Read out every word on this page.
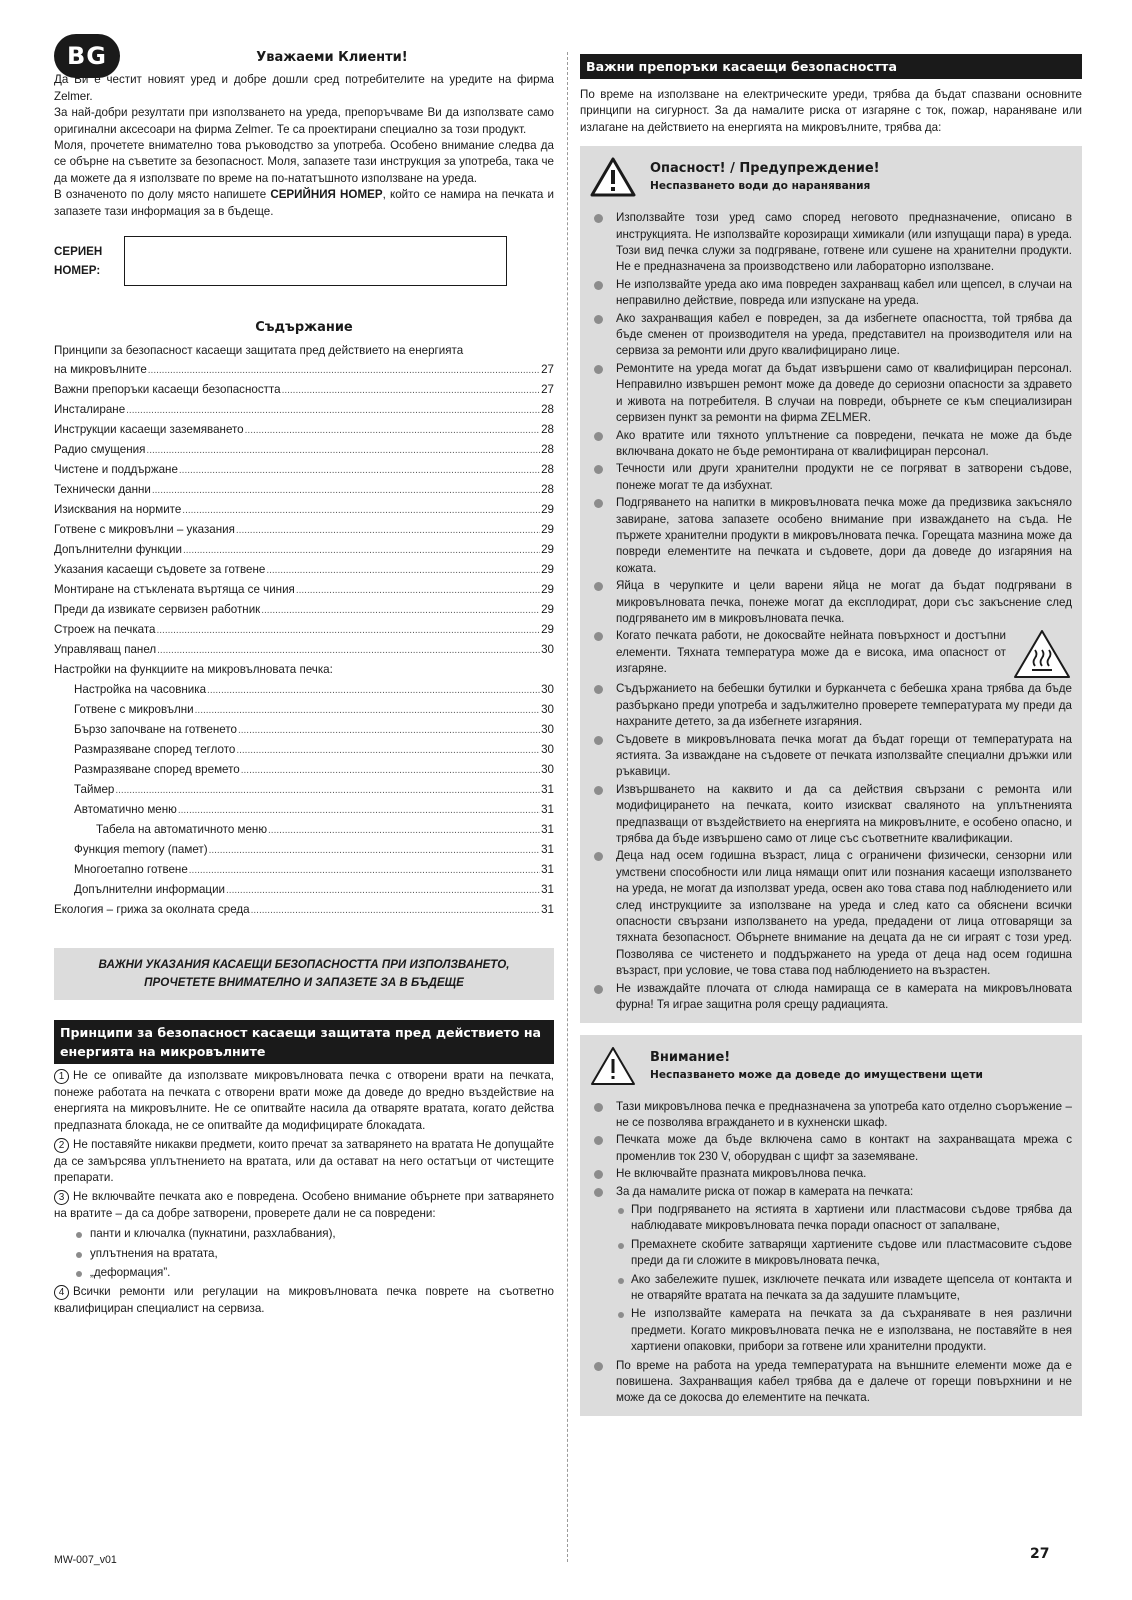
BG	Уважаеми Клиенти!

Да Ви е честит новият уред и добре дошли сред потребителите на уредите на фирма Zelmer.

За най-добри резултати при използването на уреда, препоръчваме Ви да използвате само оригинални аксесоари на фирма Zelmer. Те са проектирани специално за този продукт.

Моля, прочетете внимателно това ръководство за употреба. Особено внимание следва да се обърне на съветите за безопасност. Моля, запазете тази инструкция за употреба, така че да можете да я използвате по време на по-нататъшното използване на уреда.

В означеното по долу място напишете СЕРИЙНИЯ НОМЕР, който се намира на печката и запазете тази информация за в бъдеще.

СЕРИЕН
НОМЕР:
Съдържание
Принципи за безопасност касаещи защитата пред действието на енергията
на микровълните .....	27
Важни препоръки касаещи безопасността .....	27
Инсталиране .....	28
Инструкции касаещи заземяването .....	28
Радио смущения .....	28
Чистене и поддържане .....	28
Технически данни .....	28
Изисквания на нормите .....	29
Готвене с микровълни – указания .....	29
Допълнителни функции .....	29
Указания касаещи съдовете за готвене .....	29
Монтиране на стъклената въртяща се чиния .....	29
Преди да извикате сервизен работник .....	29
Строеж на печката .....	29
Управляващ панел .....	30
Настройки на функциите на микровълновата печка:
Настройка на часовника .....	30
Готвене с микровълни .....	30
Бързо започване на готвенето .....	30
Размразяване според теглото .....	30
Размразяване според времето .....	30
Таймер .....	31
Автоматично меню .....	31
Табела на автоматичното меню .....	31
Функция memory (памет) .....	31
Многоетапно готвене .....	31
Допълнителни информации .....	31
Екология – грижа за околната среда .....	31
ВАЖНИ УКАЗАНИЯ КАСАЕЩИ БЕЗОПАСНОСТТА ПРИ ИЗПОЛЗВАНЕТО,
ПРОЧЕТЕТЕ ВНИМАТЕЛНО И ЗАПАЗЕТЕ ЗА В БЪДЕЩЕ
Принципи за безопасност касаещи защитата пред действието на енергията на микровълните

1 Не се опивайте да използвате микровълновата печка с отворени врати на печката, понеже работата на печката с отворени врати може да доведе до вредно въздействие на енергията на микровълните. Не се опитвайте насила да отваряте вратата, когато действа предпазната блокада, не се опитвайте да модифицирате блокадата.

2 Не поставяйте никакви предмети, които пречат за затварянето на вратата Не допущайте да се замърсява уплътнението на вратата, или да остават на него остатъци от чистещите препарати.

3 Не включвайте печката ако е повредена. Особено внимание обърнете при затварянето на вратите – да са добре затворени, проверете дали не са повредени:

панти и ключалка (пукнатини, разхлабвания),
уплътнения на вратата,
„деформация”.

4 Всички ремонти или регулации на микровълновата печка поврете на съответно квалифициран специалист на сервиза.

Важни препоръки касаещи безопасността

По време на използване на електрическите уреди, трябва да бъдат спазвани основните принципи на сигурност. За да намалите риска от изгаряне с ток, пожар, нараняване или излагане на действието на енергията на микровълните, трябва да:

Опасност! / Предупреждение!
Неспазването води до наранявания
Използвайте този уред само според неговото предназначение, описано в инструкцията. Не използвайте корозиращи химикали (или изпущащи пара) в уреда. Този вид печка служи за подгряване, готвене или сушене на хранителни продукти. Не е предназначена за производствено или лабораторно използване.
Не използвайте уреда ако има повреден захранващ кабел или щепсел, в случаи на неправилно действие, повреда или изпускане на уреда.
Ако захранващия кабел е повреден, за да избегнете опасността, той трябва да бъде сменен от производителя на уреда, представител на производителя или на сервиза за ремонти или друго квалифицирано лице.
Ремонтите на уреда могат да бъдат извършени само от квалифициран персонал. Неправилно извършен ремонт може да доведе до сериозни опасности за здравето и живота на потребителя. В случаи на повреди, обърнете се към специализиран сервизен пункт за ремонти на фирма ZELMER.
Ако вратите или тяхното уплътнение са повредени, печката не може да бъде включвана докато не бъде ремонтирана от квалифициран персонал.
Течности или други хранителни продукти не се погряват в затворени съдове, понеже могат те да избухнат.
Подгряването на напитки в микровълновата печка може да предизвика закъсняло завиране, затова запазете особено внимание при изваждането на съда. Не пържете хранителни продукти в микровълновата печка. Горещата мазнина може да повреди елементите на печката и съдовете, дори да доведе до изгаряния на кожата.
Яйца в черупките и цели варени яйца не могат да бъдат подгрявани в микровълновата печка, понеже могат да експлодират, дори със закъснение след подгряването им в микровълновата печка.
Когато печката работи, не докосвайте нейната повърхност и достъпни елементи. Тяхната температура може да е висока, има опасност от изгаряне.
Съдържанието на бебешки бутилки и бурканчета с бебешка храна трябва да бъде разбъркано преди употреба и задължително проверете температурата му преди да нахраните детето, за да избегнете изгаряния.
Съдовете в микровълновата печка могат да бъдат горещи от температурата на ястията. За изваждане на съдовете от печката използвайте специални дръжки или ръкавици.
Извършването на каквито и да са действия свързани с ремонта или модифицирането на печката, които изискват сваляното на уплътненията предпазващи от въздействието на енергията на микровълните, е особено опасно, и трябва да бъде извършено само от лице със съответните квалификации.
Деца над осем годишна възраст, лица с ограничени физически, сензорни или умствени способности или лица нямащи опит или познания касаещи използването на уреда, не могат да използват уреда, освен ако това става под наблюдението или след инструкциите за използване на уреда и след като са обяснени всички опасности свързани използването на уреда, предадени от лица отговарящи за тяхната безопасност. Обърнете внимание на децата да не си играят с този уред. Позволява се чистенето и поддържането на уреда от деца над осем годишна възраст, при условие, че това става под наблюдението на възрастен.
Не изваждайте плочата от слюда намираща се в камерата на микровълновата фурна! Тя играе защитна роля срещу радиацията.
Внимание!
Неспазването може да доведе до имуществени щети
Тази микровълнова печка е предназначена за употреба като отделно съоръжение – не се позволява вграждането и в кухненски шкаф.
Печката може да бъде включена само в контакт на захранващата мрежа с променлив ток 230 V, оборудван с щифт за заземяване.
Не включвайте празната микровълнова печка.
За да намалите риска от пожар в камерата на печката:
При подгряването на ястията в хартиени или пластмасови съдове трябва да наблюдавате микровълновата печка поради опасност от запалване,
Премахнете скобите затварящи хартиените съдове или пластмасовите съдове преди да ги сложите в микровълновата печка,
Ако забележите пушек, изключете печката или извадете щепсела от контакта и не отваряйте вратата на печката за да задушите пламъците,
Не използвайте камерата на печката за да съхранявате в нея различни предмети. Когато микровълновата печка не е използвана, не поставяйте в нея хартиени опаковки, прибори за готвене или хранителни продукти.
По време на работа на уреда температурата на външните елементи може да е повишена. Захранващия кабел трябва да е далече от горещи повърхнини и не може да се докосва до елементите на печката.
MW-007_v01	27
